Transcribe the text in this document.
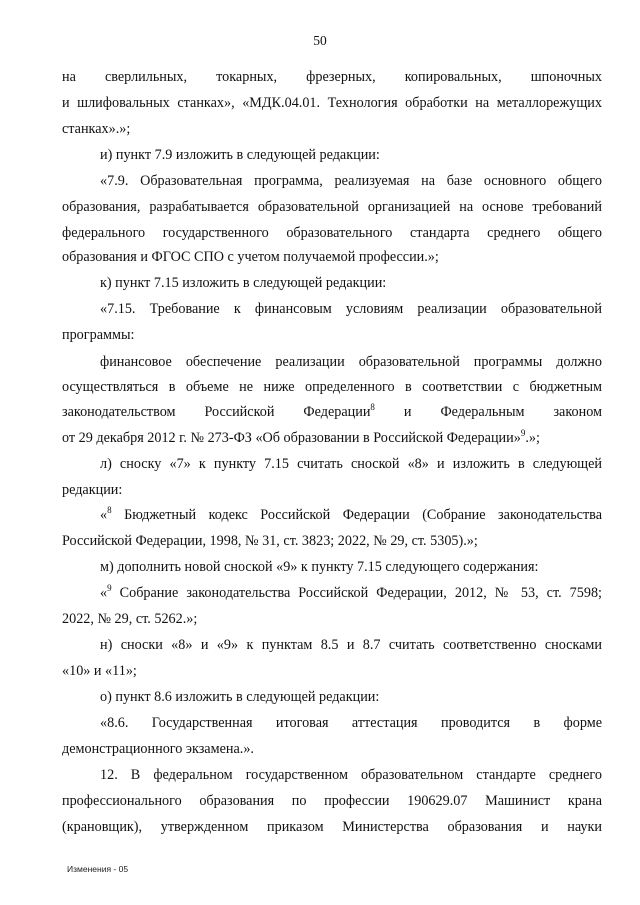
50
на сверлильных, токарных, фрезерных, копировальных, шпоночных
и шлифовальных станках», «МДК.04.01. Технология обработки на металлорежущих
станках».»;
и) пункт 7.9 изложить в следующей редакции:
«7.9. Образовательная программа, реализуемая на базе основного общего
образования, разрабатывается образовательной организацией на основе требований
федерального государственного образовательного стандарта среднего общего
образования и ФГОС СПО с учетом получаемой профессии.»;
к) пункт 7.15 изложить в следующей редакции:
«7.15. Требование к финансовым условиям реализации образовательной
программы:
финансовое обеспечение реализации образовательной программы должно
осуществляться в объеме не ниже определенного в соответствии с бюджетным
законодательством Российской Федерации$^8$ и Федеральным законом
от 29 декабря 2012 г. № 273-ФЗ «Об образовании в Российской Федерации»$^9$.»;
л) сноску «7» к пункту 7.15 считать сноской «8» и изложить в следующей
редакции:
«$^8$ Бюджетный кодекс Российской Федерации (Собрание законодательства
Российской Федерации, 1998, № 31, ст. 3823; 2022, № 29, ст. 5305).»;
м) дополнить новой сноской «9» к пункту 7.15 следующего содержания:
«$^9$ Собрание законодательства Российской Федерации, 2012, № 53, ст. 7598;
2022, № 29, ст. 5262.»;
н) сноски «8» и «9» к пунктам 8.5 и 8.7 считать соответственно сносками
«10» и «11»;
о) пункт 8.6 изложить в следующей редакции:
«8.6. Государственная итоговая аттестация проводится в форме
демонстрационного экзамена.».
12. В федеральном государственном образовательном стандарте среднего
профессионального образования по профессии 190629.07 Машинист крана
(крановщик), утвержденном приказом Министерства образования и науки
Изменения - 05
